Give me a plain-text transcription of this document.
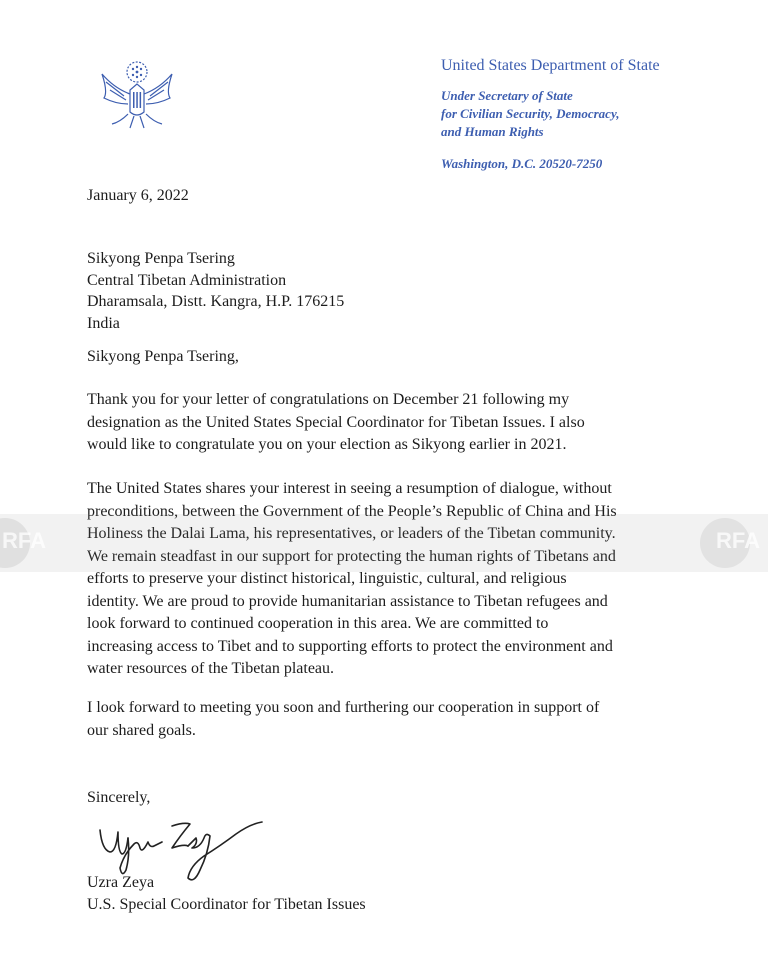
United States Department of State
Under Secretary of State
for Civilian Security, Democracy,
and Human Rights
Washington, D.C. 20520-7250
January 6, 2022
Sikyong Penpa Tsering
Central Tibetan Administration
Dharamsala, Distt. Kangra, H.P. 176215
India
Sikyong Penpa Tsering,
Thank you for your letter of congratulations on December 21 following my
designation as the United States Special Coordinator for Tibetan Issues. I also
would like to congratulate you on your election as Sikyong earlier in 2021.
The United States shares your interest in seeing a resumption of dialogue, without
preconditions, between the Government of the People’s Republic of China and His
Holiness the Dalai Lama, his representatives, or leaders of the Tibetan community.
We remain steadfast in our support for protecting the human rights of Tibetans and
efforts to preserve your distinct historical, linguistic, cultural, and religious
identity. We are proud to provide humanitarian assistance to Tibetan refugees and
look forward to continued cooperation in this area. We are committed to
increasing access to Tibet and to supporting efforts to protect the environment and
water resources of the Tibetan plateau.
I look forward to meeting you soon and furthering our cooperation in support of
our shared goals.
Sincerely,
Uzra Zeya
U.S. Special Coordinator for Tibetan Issues
RFA	RFA
